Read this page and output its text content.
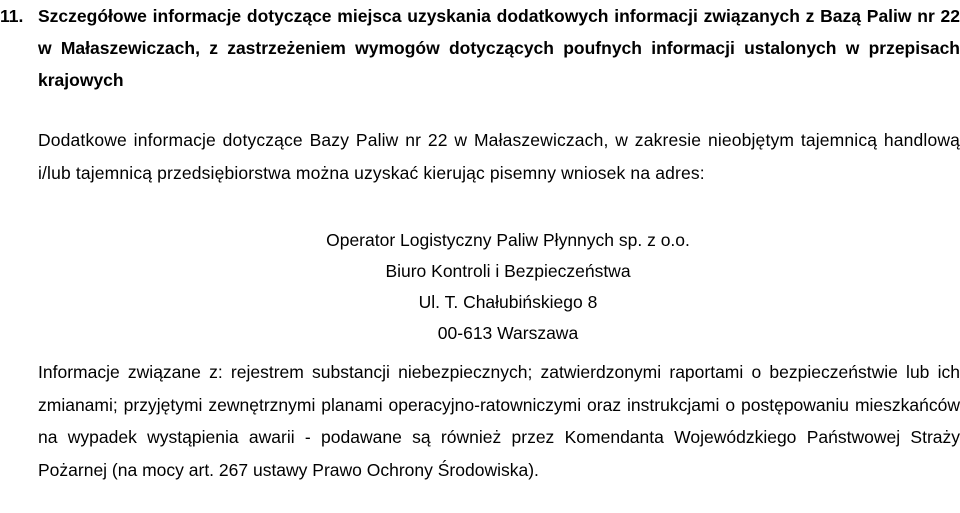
11. Szczegółowe informacje dotyczące miejsca uzyskania dodatkowych informacji związanych z Bazą Paliw nr 22 w Małaszewiczach, z zastrzeżeniem wymogów dotyczących poufnych informacji ustalonych w przepisach krajowych
Dodatkowe informacje dotyczące Bazy Paliw nr 22 w Małaszewiczach, w zakresie nieobjętym tajemnicą handlową i/lub tajemnicą przedsiębiorstwa można uzyskać kierując pisemny wniosek na adres:
Operator Logistyczny Paliw Płynnych sp. z o.o.
Biuro Kontroli i Bezpieczeństwa
Ul. T. Chałubińskiego 8
00-613 Warszawa
Informacje związane z: rejestrem substancji niebezpiecznych; zatwierdzonymi raportami o bezpieczeństwie lub ich zmianami; przyjętymi zewnętrznymi planami operacyjno-ratowniczymi oraz instrukcjami o postępowaniu mieszkańców na wypadek wystąpienia awarii - podawane są również przez Komendanta Wojewódzkiego Państwowej Straży Pożarnej (na mocy art. 267 ustawy Prawo Ochrony Środowiska).
